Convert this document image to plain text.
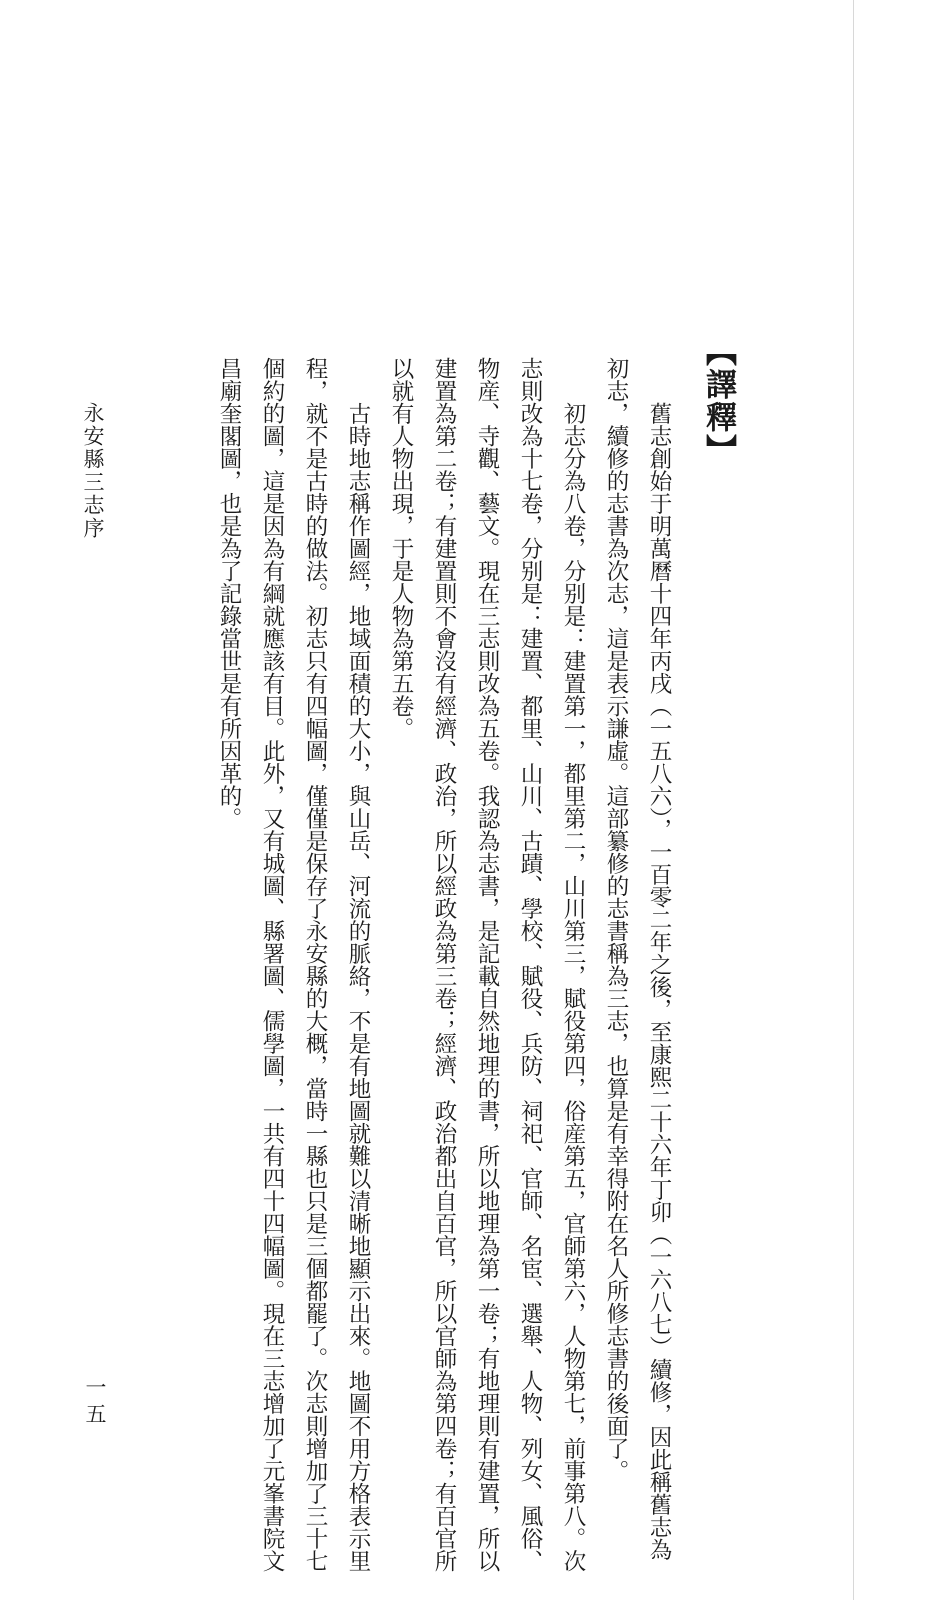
【譯釋】

舊志創始于明萬曆十四年丙戌（一五八六），一百零二年之後，至康熙二十六年丁卯（一六八七）續修，因此稱舊志為初志，續修的志書為次志，這是表示謙虛。這部纂修的志書稱為三志，也算是有幸得附在名人所修志書的後面了。

初志分為八卷，分别是：建置第一，都里第二，山川第三，賦役第四，俗産第五，官師第六，人物第七，前事第八。次志則改為十七卷，分别是：建置、都里、山川、古蹟、學校、賦役、兵防、祠祀、官師、名宦、選舉、人物、列女、風俗、物産、寺觀、藝文。現在三志則改為五卷。我認為志書，是記載自然地理的書，所以地理為第一卷；有地理則有建置，所以建置為第二卷；有建置則不會沒有經濟、政治，所以經政為第三卷；經濟、政治都出自百官，所以官師為第四卷；有百官所以就有人物出現，于是人物為第五卷。

古時地志稱作圖經，地域面積的大小，與山岳、河流的脈絡，不是有地圖就難以清晰地顯示出來。地圖不用方格表示里程，就不是古時的做法。初志只有四幅圖，僅僅是保存了永安縣的大概，當時一縣也只是三個都罷了。次志則增加了三十七個約的圖，這是因為有綱就應該有目。此外，又有城圖、縣署圖、儒學圖，一共有四十四幅圖。現在三志增加了元峯書院文昌廟奎閣圖，也是為了記錄當世是有所因革的。

永安縣三志序
一五
